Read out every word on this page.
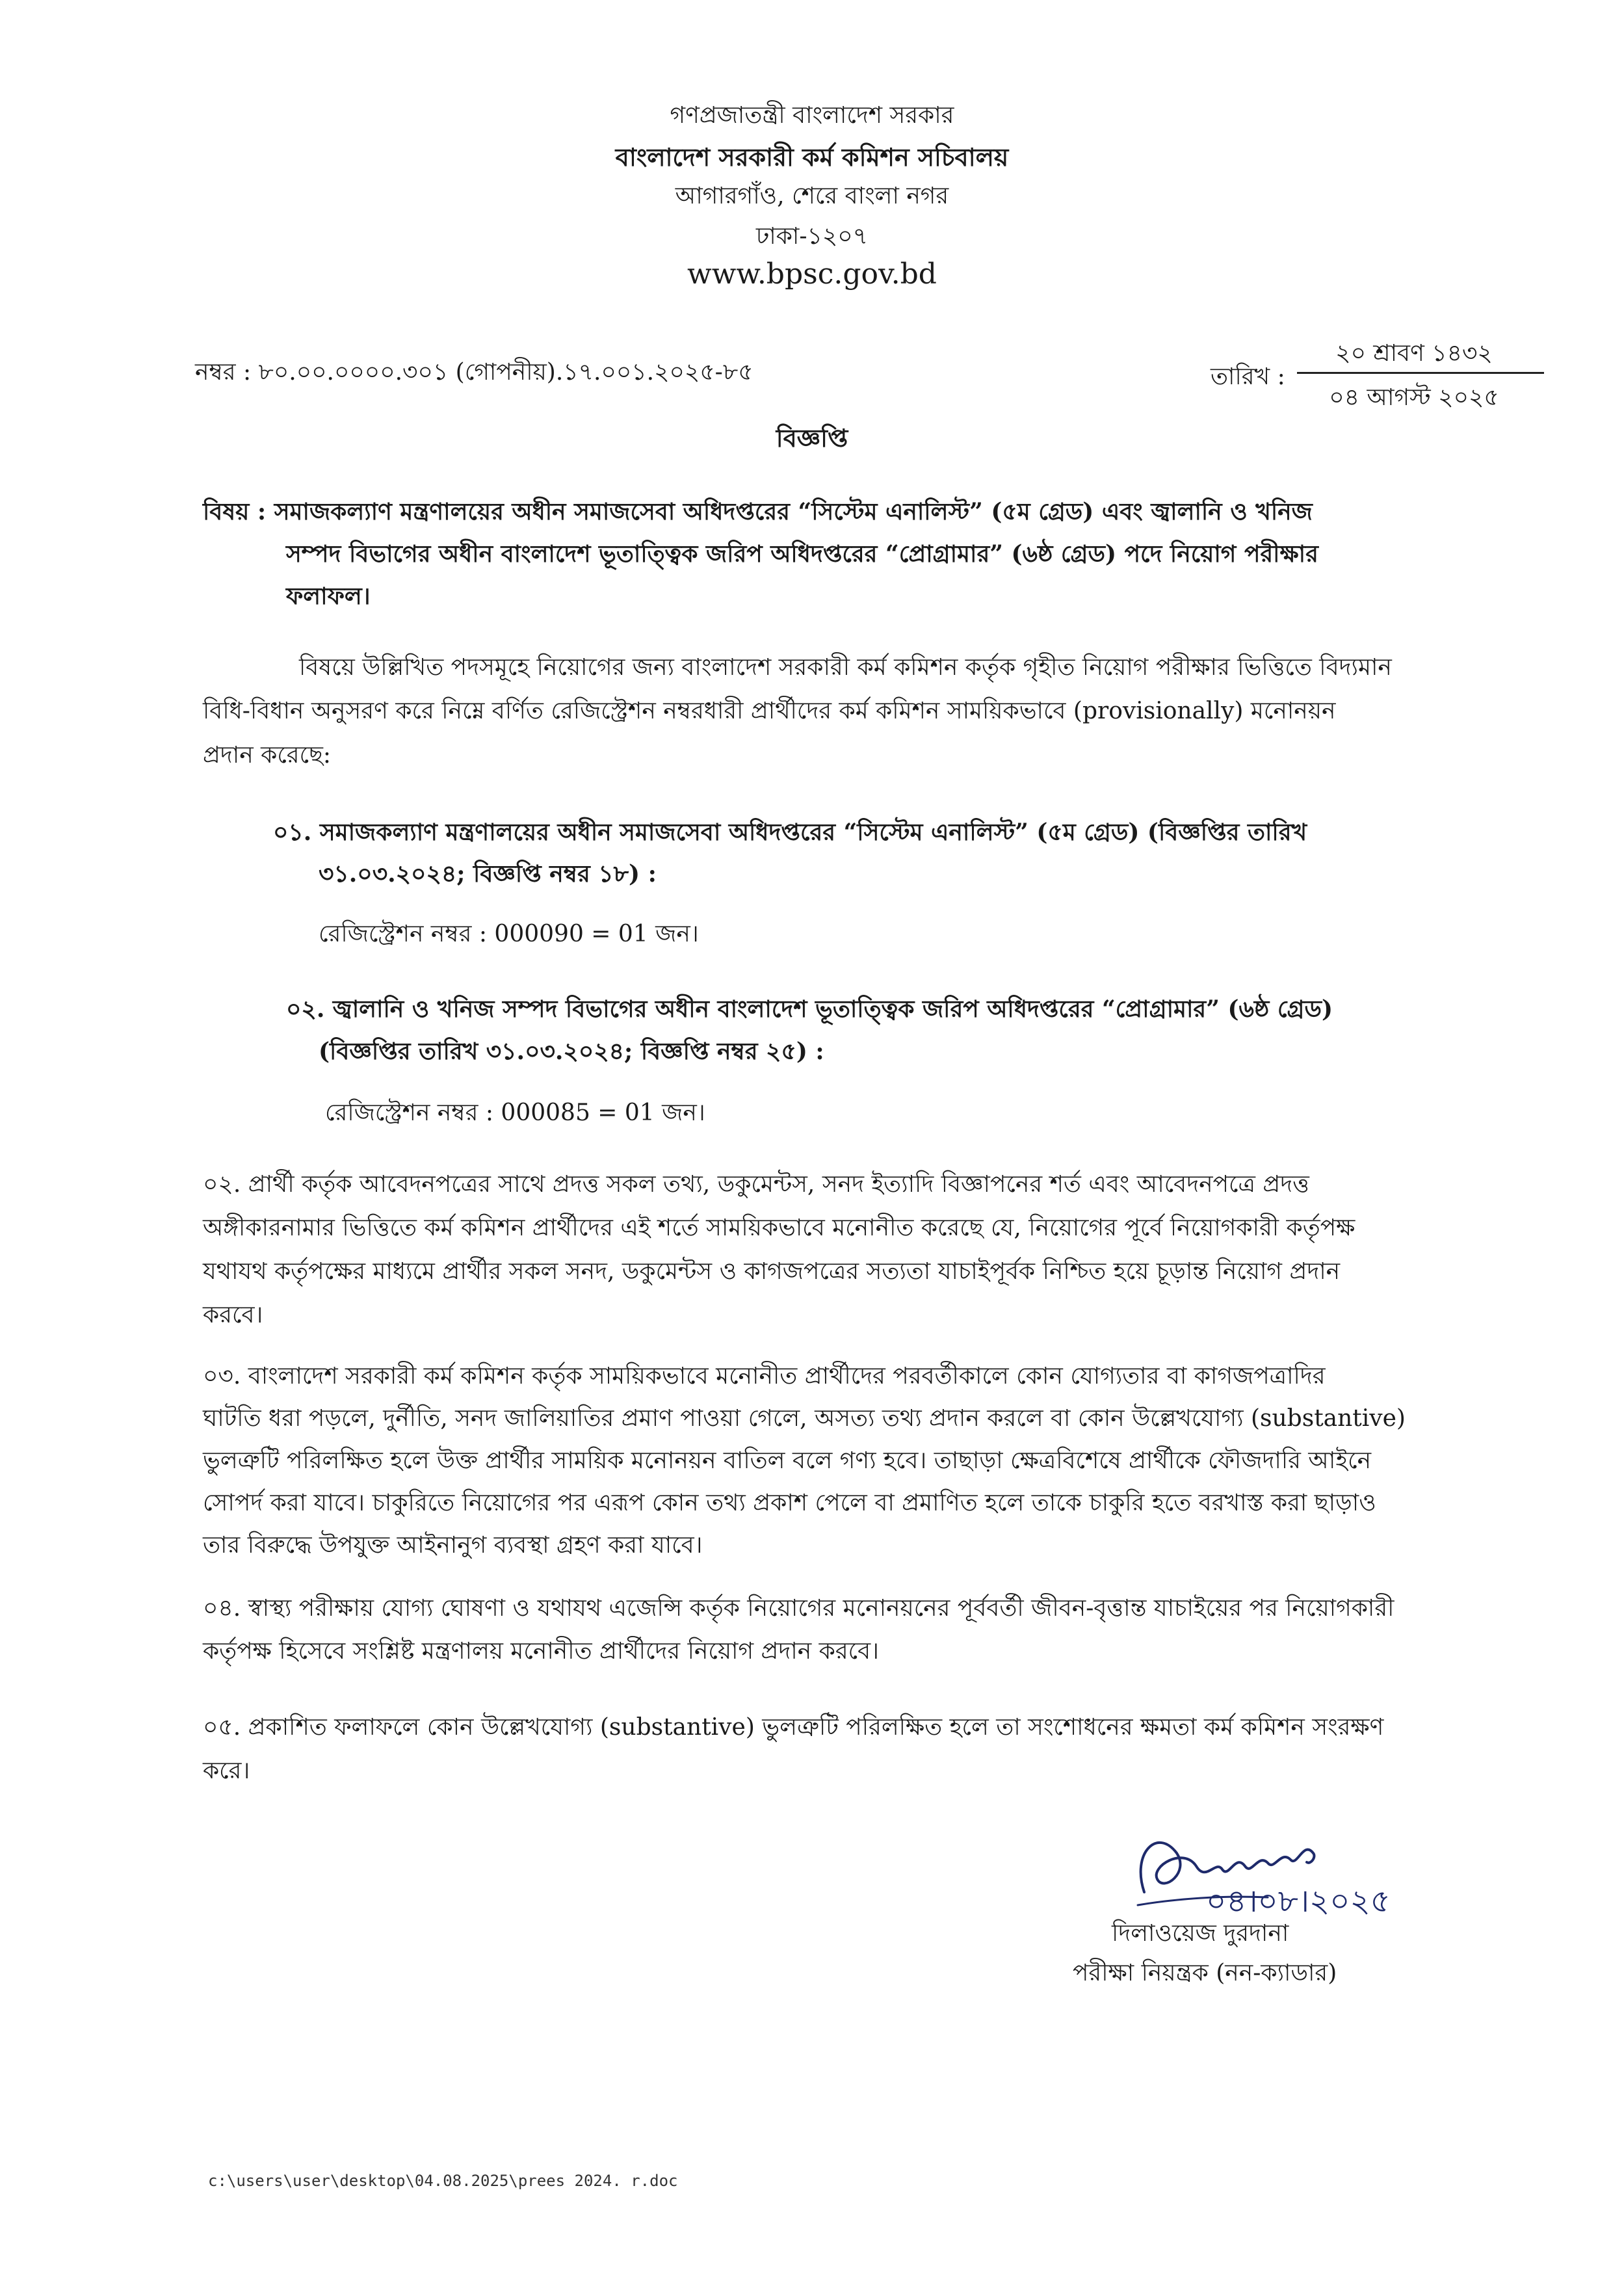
গণপ্রজাতন্ত্রী বাংলাদেশ সরকার
বাংলাদেশ সরকারী কর্ম কমিশন সচিবালয়
আগারগাঁও, শেরে বাংলা নগর
ঢাকা-১২০৭
www.bpsc.gov.bd
নম্বর : ৮০.০০.০০০০.৩০১ (গোপনীয়).১৭.০০১.২০২৫-৮৫	তারিখ :
২০ শ্রাবণ ১৪৩২
০৪ আগস্ট ২০২৫
বিজ্ঞপ্তি
বিষয় : সমাজকল্যাণ মন্ত্রণালয়ের অধীন সমাজসেবা অধিদপ্তরের “সিস্টেম এনালিস্ট” (৫ম গ্রেড) এবং জ্বালানি ও খনিজ
সম্পদ বিভাগের অধীন বাংলাদেশ ভূতাত্ত্বিক জরিপ অধিদপ্তরের “প্রোগ্রামার” (৬ষ্ঠ গ্রেড) পদে নিয়োগ পরীক্ষার
ফলাফল।
বিষয়ে উল্লিখিত পদসমূহে নিয়োগের জন্য বাংলাদেশ সরকারী কর্ম কমিশন কর্তৃক গৃহীত নিয়োগ পরীক্ষার ভিত্তিতে বিদ্যমান
বিধি-বিধান অনুসরণ করে নিম্নে বর্ণিত রেজিস্ট্রেশন নম্বরধারী প্রার্থীদের কর্ম কমিশন সাময়িকভাবে (provisionally) মনোনয়ন
প্রদান করেছে:
০১. সমাজকল্যাণ মন্ত্রণালয়ের অধীন সমাজসেবা অধিদপ্তরের “সিস্টেম এনালিস্ট” (৫ম গ্রেড) (বিজ্ঞপ্তির তারিখ
৩১.০৩.২০২৪; বিজ্ঞপ্তি নম্বর ১৮) :
রেজিস্ট্রেশন নম্বর : 000090 = 01 জন।
০২. জ্বালানি ও খনিজ সম্পদ বিভাগের অধীন বাংলাদেশ ভূতাত্ত্বিক জরিপ অধিদপ্তরের “প্রোগ্রামার” (৬ষ্ঠ গ্রেড)
(বিজ্ঞপ্তির তারিখ ৩১.০৩.২০২৪; বিজ্ঞপ্তি নম্বর ২৫) :
রেজিস্ট্রেশন নম্বর : 000085 = 01 জন।
০২. প্রার্থী কর্তৃক আবেদনপত্রের সাথে প্রদত্ত সকল তথ্য, ডকুমেন্টস, সনদ ইত্যাদি বিজ্ঞাপনের শর্ত এবং আবেদনপত্রে প্রদত্ত
অঙ্গীকারনামার ভিত্তিতে কর্ম কমিশন প্রার্থীদের এই শর্তে সাময়িকভাবে মনোনীত করেছে যে, নিয়োগের পূর্বে নিয়োগকারী কর্তৃপক্ষ
যথাযথ কর্তৃপক্ষের মাধ্যমে প্রার্থীর সকল সনদ, ডকুমেন্টস ও কাগজপত্রের সত্যতা যাচাইপূর্বক নিশ্চিত হয়ে চূড়ান্ত নিয়োগ প্রদান
করবে।
০৩. বাংলাদেশ সরকারী কর্ম কমিশন কর্তৃক সাময়িকভাবে মনোনীত প্রার্থীদের পরবর্তীকালে কোন যোগ্যতার বা কাগজপত্রাদির
ঘাটতি ধরা পড়লে, দুর্নীতি, সনদ জালিয়াতির প্রমাণ পাওয়া গেলে, অসত্য তথ্য প্রদান করলে বা কোন উল্লেখযোগ্য (substantive)
ভুলত্রুটি পরিলক্ষিত হলে উক্ত প্রার্থীর সাময়িক মনোনয়ন বাতিল বলে গণ্য হবে। তাছাড়া ক্ষেত্রবিশেষে প্রার্থীকে ফৌজদারি আইনে
সোপর্দ করা যাবে। চাকুরিতে নিয়োগের পর এরূপ কোন তথ্য প্রকাশ পেলে বা প্রমাণিত হলে তাকে চাকুরি হতে বরখাস্ত করা ছাড়াও
তার বিরুদ্ধে উপযুক্ত আইনানুগ ব্যবস্থা গ্রহণ করা যাবে।
০৪. স্বাস্থ্য পরীক্ষায় যোগ্য ঘোষণা ও যথাযথ এজেন্সি কর্তৃক নিয়োগের মনোনয়নের পূর্ববর্তী জীবন-বৃত্তান্ত যাচাইয়ের পর নিয়োগকারী
কর্তৃপক্ষ হিসেবে সংশ্লিষ্ট মন্ত্রণালয় মনোনীত প্রার্থীদের নিয়োগ প্রদান করবে।
০৫. প্রকাশিত ফলাফলে কোন উল্লেখযোগ্য (substantive) ভুলত্রুটি পরিলক্ষিত হলে তা সংশোধনের ক্ষমতা কর্ম কমিশন সংরক্ষণ
করে।
০৪।০৮।২০২৫
দিলাওয়েজ দুরদানা
পরীক্ষা নিয়ন্ত্রক (নন-ক্যাডার)
c:\users\user\desktop\04.08.2025\prees 2024. r.doc
